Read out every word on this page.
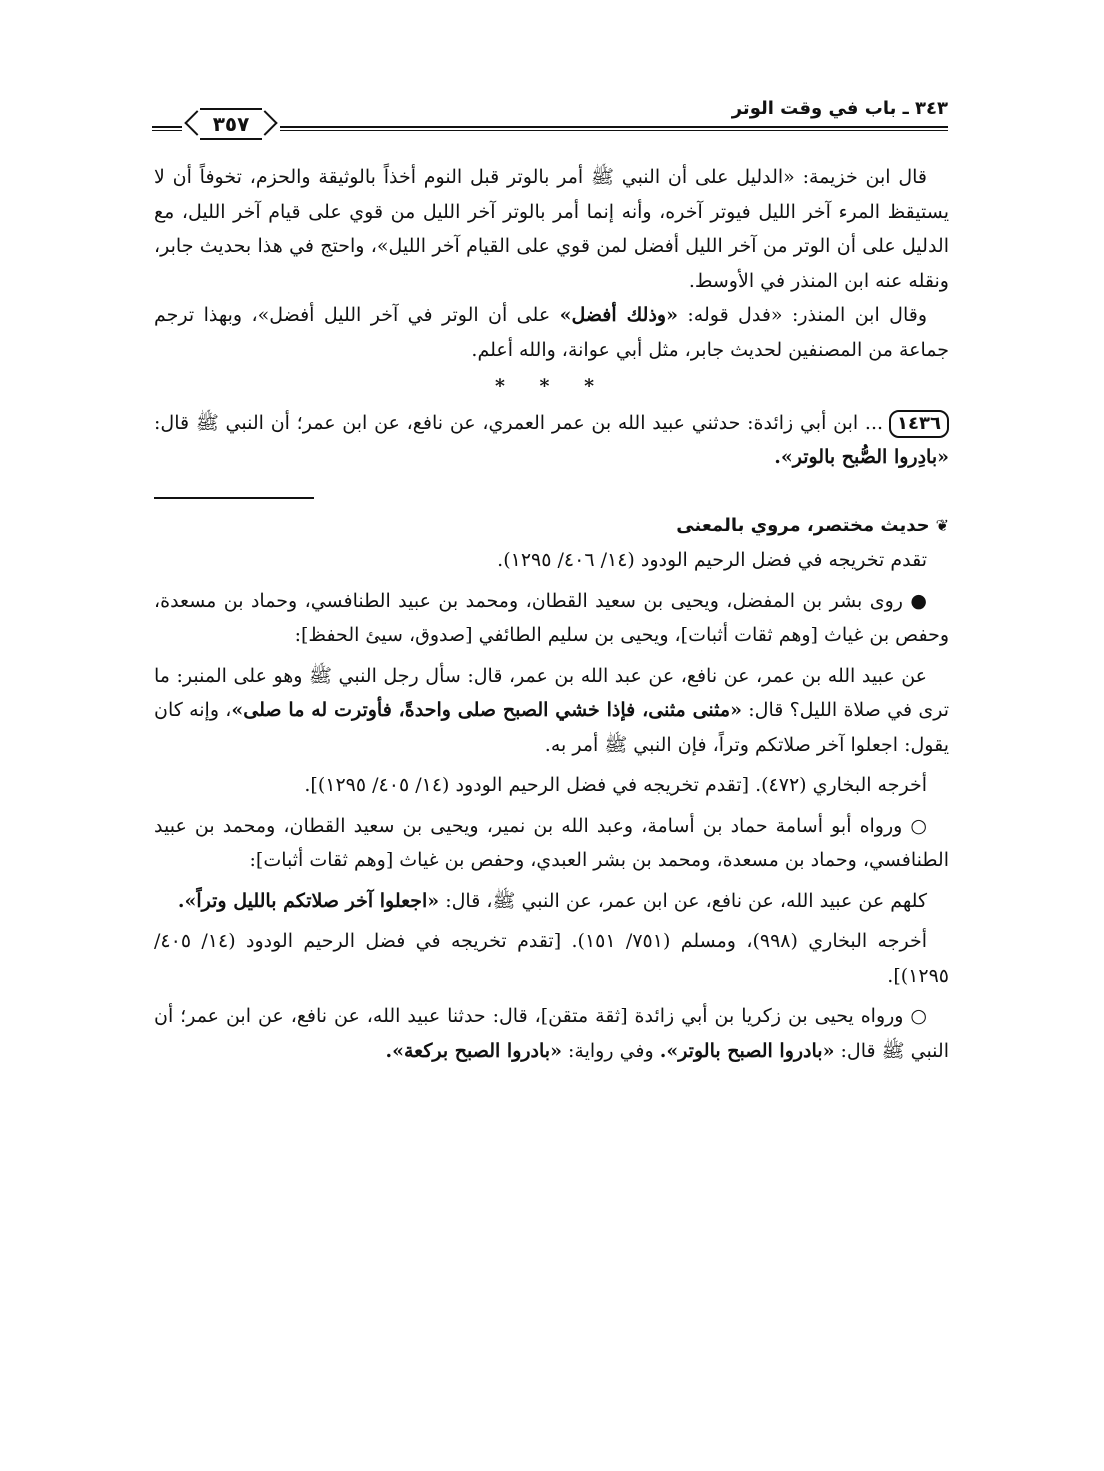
٣٤٣ ـ باب في وقت الوتر
٣٥٧

قال ابن خزيمة: «الدليل على أن النبي ﷺ أمر بالوتر قبل النوم أخذاً بالوثيقة والحزم، تخوفاً أن لا يستيقظ المرء آخر الليل فيوتر آخره، وأنه إنما أمر بالوتر آخر الليل من قوي على قيام آخر الليل، مع الدليل على أن الوتر من آخر الليل أفضل لمن قوي على القيام آخر الليل»، واحتج في هذا بحديث جابر، ونقله عنه ابن المنذر في الأوسط.

وقال ابن المنذر: «فدل قوله: «وذلك أفضل» على أن الوتر في آخر الليل أفضل»، وبهذا ترجم جماعة من المصنفين لحديث جابر، مثل أبي عوانة، والله أعلم.

* * *

١٤٣٦... ابن أبي زائدة: حدثني عبيد الله بن عمر العمري، عن نافع، عن ابن عمر؛ أن النبي ﷺ قال: «بادِروا الصُّبح بالوتر».

❦حديث مختصر، مروي بالمعنى

تقدم تخريجه في فضل الرحيم الودود (١٤/ ٤٠٦/ ١٢٩٥).

● روى بشر بن المفضل، ويحيى بن سعيد القطان، ومحمد بن عبيد الطنافسي، وحماد بن مسعدة، وحفص بن غياث [وهم ثقات أثبات]، ويحيى بن سليم الطائفي [صدوق، سيئ الحفظ]:

عن عبيد الله بن عمر، عن نافع، عن عبد الله بن عمر، قال: سأل رجل النبي ﷺ وهو على المنبر: ما ترى في صلاة الليل؟ قال: «مثنى مثنى، فإذا خشي الصبح صلى واحدةً، فأوترت له ما صلى»، وإنه كان يقول: اجعلوا آخر صلاتكم وتراً، فإن النبي ﷺ أمر به.

أخرجه البخاري (٤٧٢). [تقدم تخريجه في فضل الرحيم الودود (١٤/ ٤٠٥/ ١٢٩٥)].

○ ورواه أبو أسامة حماد بن أسامة، وعبد الله بن نمير، ويحيى بن سعيد القطان، ومحمد بن عبيد الطنافسي، وحماد بن مسعدة، ومحمد بن بشر العبدي، وحفص بن غياث [وهم ثقات أثبات]:

كلهم عن عبيد الله، عن نافع، عن ابن عمر، عن النبي ﷺ، قال: «اجعلوا آخر صلاتكم بالليل وتراً».

أخرجه البخاري (٩٩٨)، ومسلم (٧٥١/ ١٥١). [تقدم تخريجه في فضل الرحيم الودود (١٤/ ٤٠٥/ ١٢٩٥)].

○ ورواه يحيى بن زكريا بن أبي زائدة [ثقة متقن]، قال: حدثنا عبيد الله، عن نافع، عن ابن عمر؛ أن النبي ﷺ قال: «بادروا الصبح بالوتر». وفي رواية: «بادروا الصبح بركعة».
